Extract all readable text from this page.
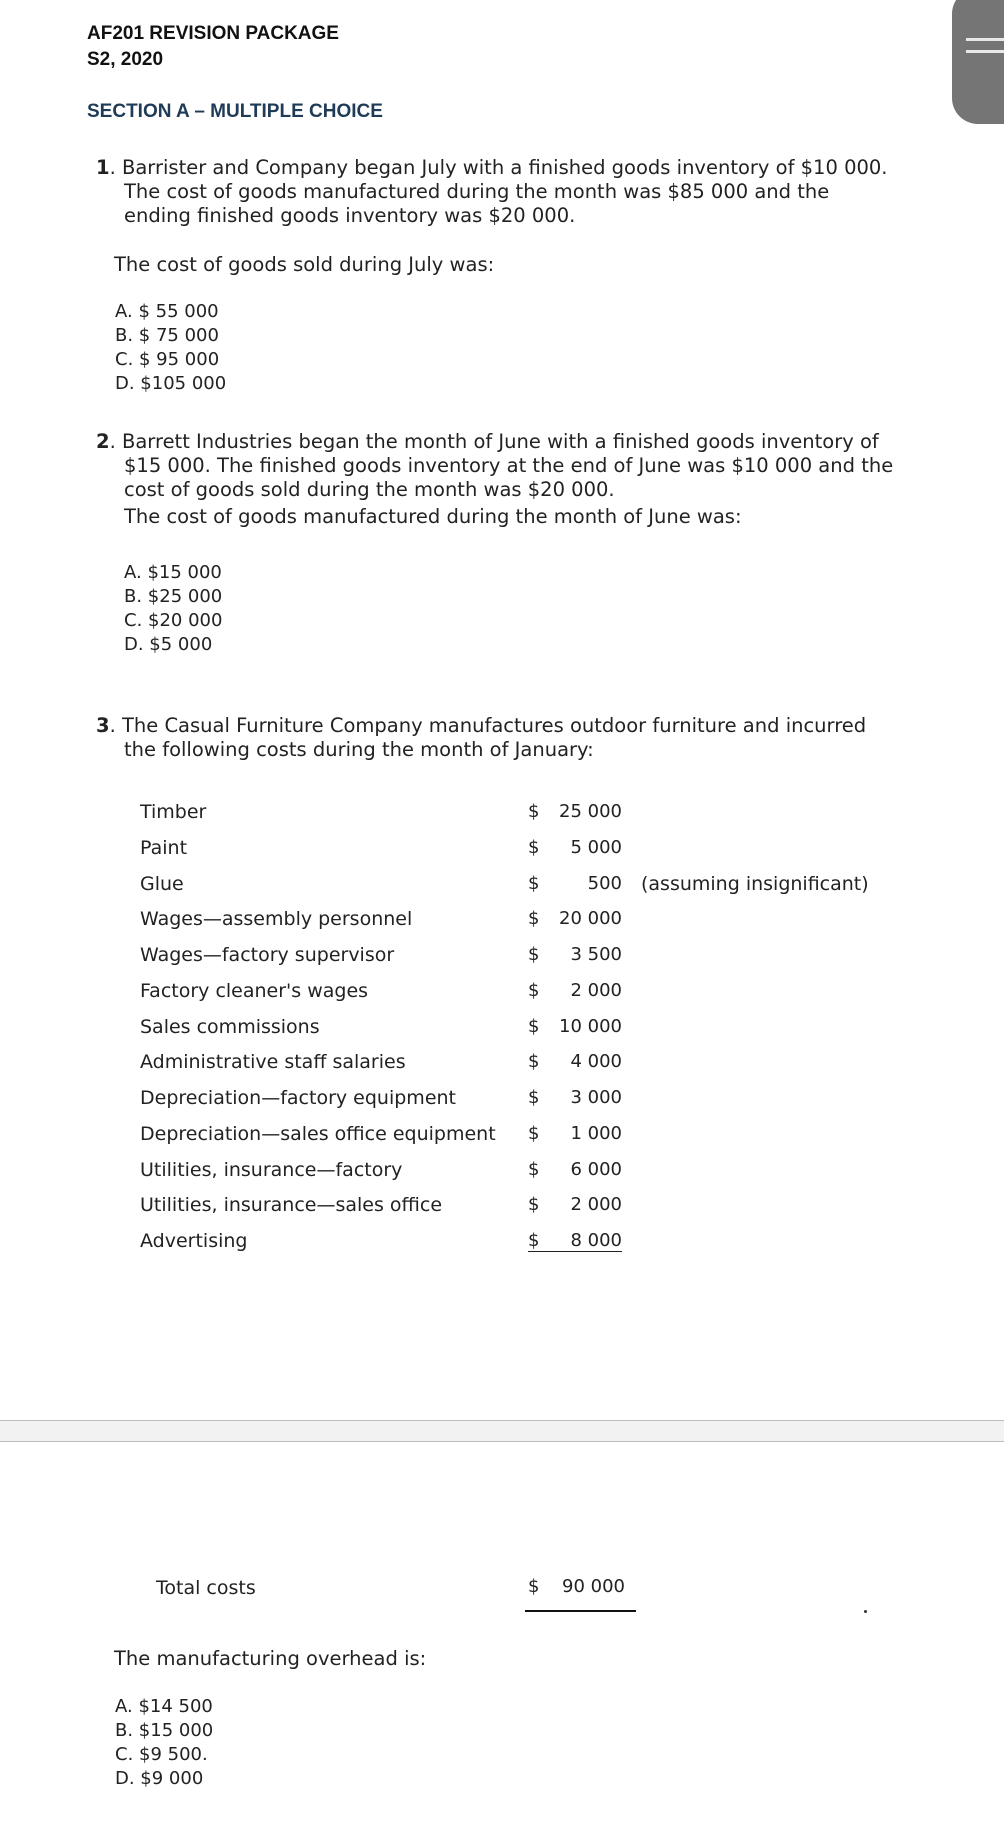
AF201 REVISION PACKAGE
S2, 2020
SECTION A – MULTIPLE CHOICE
1. Barrister and Company began July with a finished goods inventory of $10 000.
The cost of goods manufactured during the month was $85 000 and the
ending finished goods inventory was $20 000.
The cost of goods sold during July was:
A. $ 55 000
B. $ 75 000
C. $ 95 000
D. $105 000
2. Barrett Industries began the month of June with a finished goods inventory of
$15 000. The finished goods inventory at the end of June was $10 000 and the
cost of goods sold during the month was $20 000.
The cost of goods manufactured during the month of June was:
A. $15 000
B. $25 000
C. $20 000
D. $5 000
3. The Casual Furniture Company manufactures outdoor furniture and incurred
the following costs during the month of January:
Timber	$ 25 000
Paint	$ 5 000
Glue	$	500 (assuming insignificant)
Wages—assembly personnel	$ 20 000
Wages—factory supervisor	$ 3 500
Factory cleaner's wages	$ 2 000
Sales commissions	$ 10 000
Administrative staff salaries	$ 4 000
Depreciation—factory equipment	$ 3 000
Depreciation—sales office equipment $ 1 000
Utilities, insurance—factory	$ 6 000
Utilities, insurance—sales office	$ 2 000
Advertising	$	8 000
Total costs	$ 90 000
The manufacturing overhead is:
A. $14 500
B. $15 000
C. $9 500.
D. $9 000
